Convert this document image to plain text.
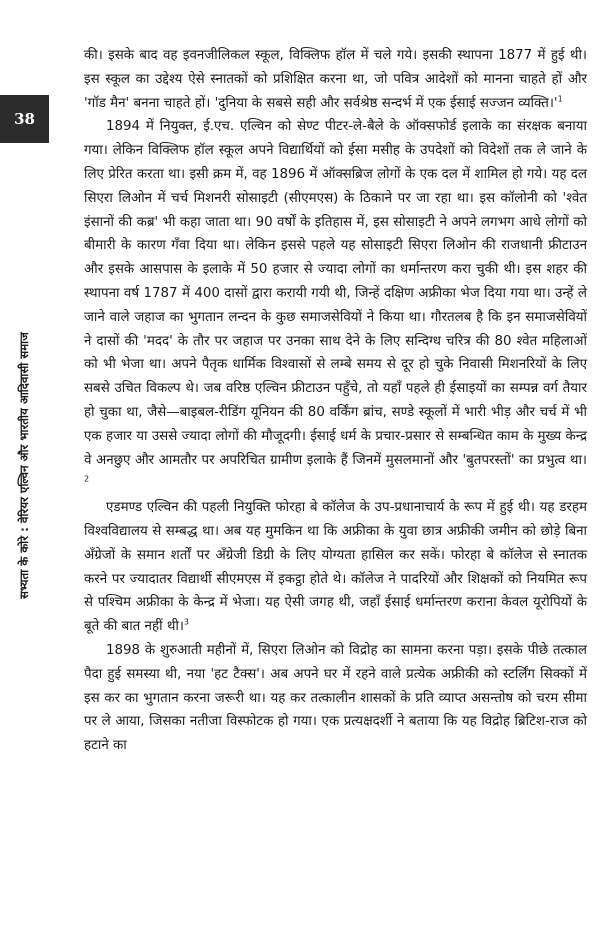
38
सभ्यता के कोरे : वेरियर एल्विन और भारतीय आदिवासी समाज

की। इसके बाद वह इवनजीलिकल स्कूल, विक्लिफ हॉल में चले गये। इसकी स्थापना 1877 में हुई थी। इस स्कूल का उद्देश्य ऐसे स्नातकों को प्रशिक्षित करना था, जो पवित्र आदेशों को मानना चाहते हों और 'गॉड मैन' बनना चाहते हों। 'दुनिया के सबसे सही और सर्वश्रेष्ठ सन्दर्भ में एक ईसाई सज्जन $व्यक्ति।'^1$

1894 में नियुक्त, ई.एच. एल्विन को सेण्ट पीटर-ले-बैले के ऑक्सफोर्ड इलाके का संरक्षक बनाया गया। लेकिन विक्लिफ हॉल स्कूल अपने विद्यार्थियों को ईसा मसीह के उपदेशों को विदेशों तक ले जाने के लिए प्रेरित करता था। इसी क्रम में, वह 1896 में ऑक्सब्रिज लोगों के एक दल में शामिल हो गये। यह दल सिएरा लिओन में चर्च मिशनरी सोसाइटी (सीएमएस) के ठिकाने पर जा रहा था। इस कॉलोनी को 'श्वेत इंसानों की कब्र' भी कहा जाता था। 90 वर्षों के इतिहास में, इस सोसाइटी ने अपने लगभग आधे लोगों को बीमारी के कारण गँवा दिया था। लेकिन इससे पहले यह सोसाइटी सिएरा लिओन की राजधानी फ्रीटाउन और इसके आसपास के इलाके में 50 हजार से ज्यादा लोगों का धर्मान्तरण करा चुकी थी। इस शहर की स्थापना वर्ष 1787 में 400 दासों द्वारा करायी गयी थी, जिन्हें दक्षिण अफ्रीका भेज दिया गया था। उन्हें ले जाने वाले जहाज का भुगतान लन्दन के कुछ समाजसेवियों ने किया था। गौरतलब है कि इन समाजसेवियों ने दासों की 'मदद' के तौर पर जहाज पर उनका साथ देने के लिए सन्दिग्ध चरित्र की 80 श्वेत महिलाओं को भी भेजा था। अपने पैतृक धार्मिक विश्वासों से लम्बे समय से दूर हो चुके निवासी मिशनरियों के लिए सबसे उचित विकल्प थे। जब वरिष्ठ एल्विन फ्रीटाउन पहुँचे, तो यहाँ पहले ही ईसाइयों का सम्पन्न वर्ग तैयार हो चुका था, जैसे—बाइबल-रीडिंग यूनियन की 80 वर्किंग ब्रांच, सण्डे स्कूलों में भारी भीड़ और चर्च में भी एक हजार या उससे ज्यादा लोगों की मौजूदगी। ईसाई धर्म के प्रचार-प्रसार से सम्बन्धित काम के मुख्य केन्द्र वे अनछुए और आमतौर पर अपरिचित ग्रामीण इलाके हैं जिनमें मुसलमानों और 'बुतपरस्तों' का प्रभुत्व था।$^2$

एडमण्ड एल्विन की पहली नियुक्ति फोरहा बे कॉलेज के उप-प्रधानाचार्य के रूप में हुई थी। यह डरहम विश्वविद्यालय से सम्बद्ध था। अब यह मुमकिन था कि अफ्रीका के युवा छात्र अफ्रीकी जमीन को छोड़े बिना अँग्रेजों के समान शर्तों पर अँग्रेजी डिग्री के लिए योग्यता हासिल कर सकें। फोरहा बे कॉलेज से स्नातक करने पर ज्यादातर विद्यार्थी सीएमएस में इकट्ठा होते थे। कॉलेज ने पादरियों और शिक्षकों को नियमित रूप से पश्चिम अफ्रीका के केन्द्र में भेजा। यह ऐसी जगह थी, जहाँ ईसाई धर्मान्तरण कराना केवल यूरोपियों के बूते की बात नहीं थी।$^3$

1898 के शुरुआती महीनों में, सिएरा लिओन को विद्रोह का सामना करना पड़ा। इसके पीछे तत्काल पैदा हुई समस्या थी, नया 'हट टैक्स'। अब अपने घर में रहने वाले प्रत्येक अफ्रीकी को स्टर्लिंग सिक्कों में इस कर का भुगतान करना जरूरी था। यह कर तत्कालीन शासकों के प्रति व्याप्त असन्तोष को चरम सीमा पर ले आया, जिसका नतीजा विस्फोटक हो गया। एक प्रत्यक्षदर्शी ने बताया कि यह विद्रोह ब्रिटिश-राज को हटाने का
